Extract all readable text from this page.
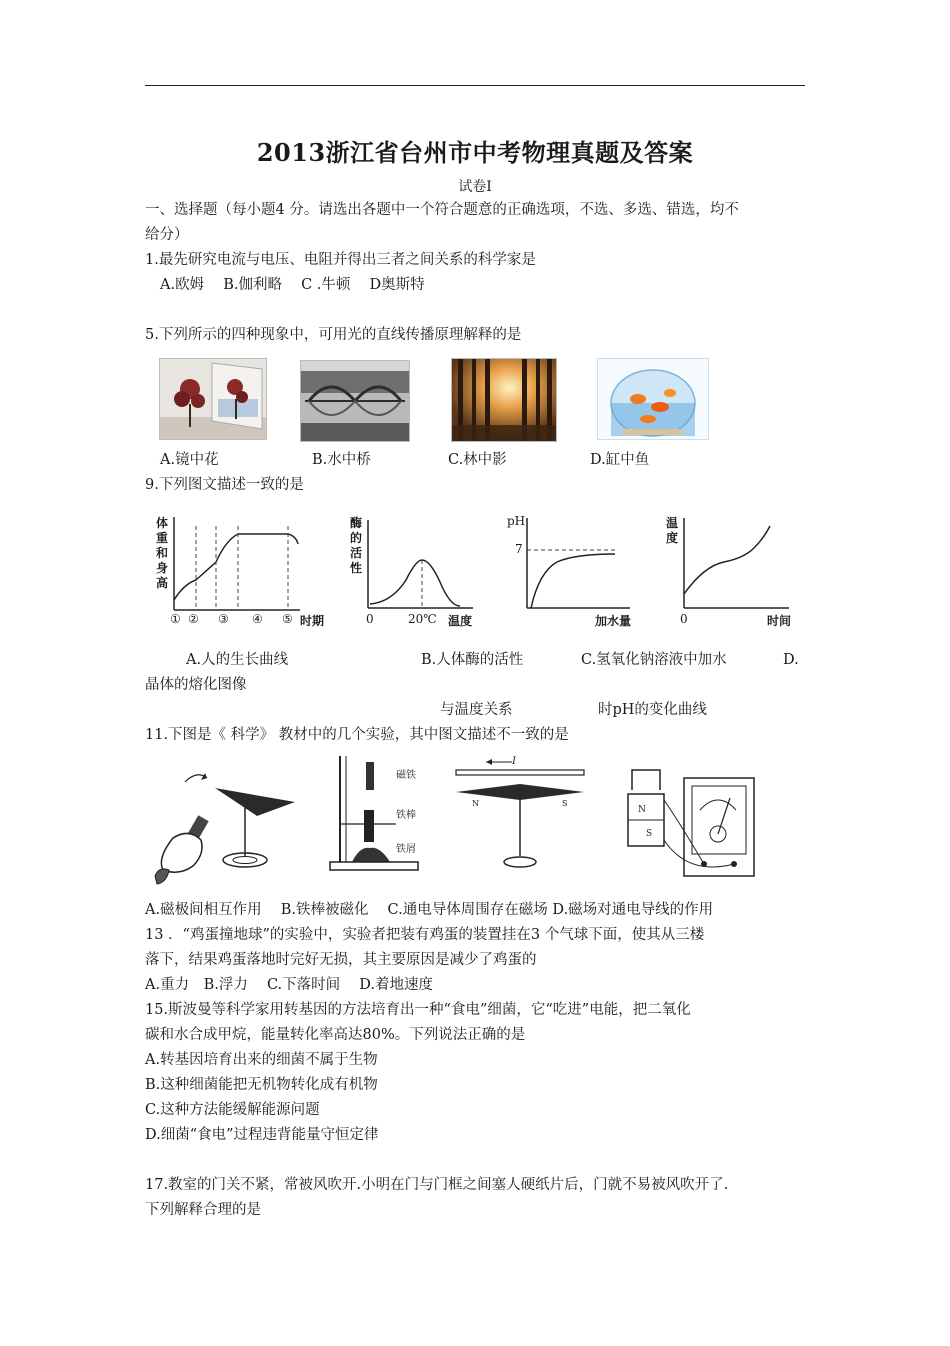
2013浙江省台州市中考物理真题及答案
试卷Ⅰ
一、选择题（每小题4 分。请选出各题中一个符合题意的正确选项，不选、多选、错选，均不
给分）
1.最先研究电流与电压、电阻并得出三者之间关系的科学家是
A.欧姆　 B.伽利略　 C .牛顿　 D奥斯特
5.下列所示的四种现象中，可用光的直线传播原理解释的是
A.镜中花	B.水中桥	C.林中影	D.缸中鱼
9.下列图文描述一致的是
体重和身高
① ② ③ ④ ⑤ 时期
酶的活性
0	20℃ 温度
pH
7
加水量
温度
0	时间
A.人的生长曲线	B.人体酶的活性	C.氢氧化钠溶液中加水	D.
晶体的熔化图像
与温度关系	时pH的变化曲线
11.下图是《 科学》 教材中的几个实验，其中图文描述不一致的是
磁铁
铁棒
铁屑
N	S
I
N
S
A.磁极间相互作用　 B.铁棒被磁化　 C.通电导体周围存在磁场 D.磁场对通电导线的作用
13 ．“鸡蛋撞地球”的实验中，实验者把装有鸡蛋的装置挂在3 个气球下面，使其从三楼
落下，结果鸡蛋落地时完好无损，其主要原因是减少了鸡蛋的
A.重力　B.浮力　 C.下落时间　 D.着地速度
15.斯波曼等科学家用转基因的方法培育出一种“食电”细菌，它“吃进”电能，把二氧化
碳和水合成甲烷，能量转化率高达80%。下列说法正确的是
A.转基因培育出来的细菌不属于生物
B.这种细菌能把无机物转化成有机物
C.这种方法能缓解能源问题
D.细菌“食电”过程违背能量守恒定律
17.教室的门关不紧，常被风吹开.小明在门与门框之间塞人硬纸片后，门就不易被风吹开了.
下列解释合理的是
